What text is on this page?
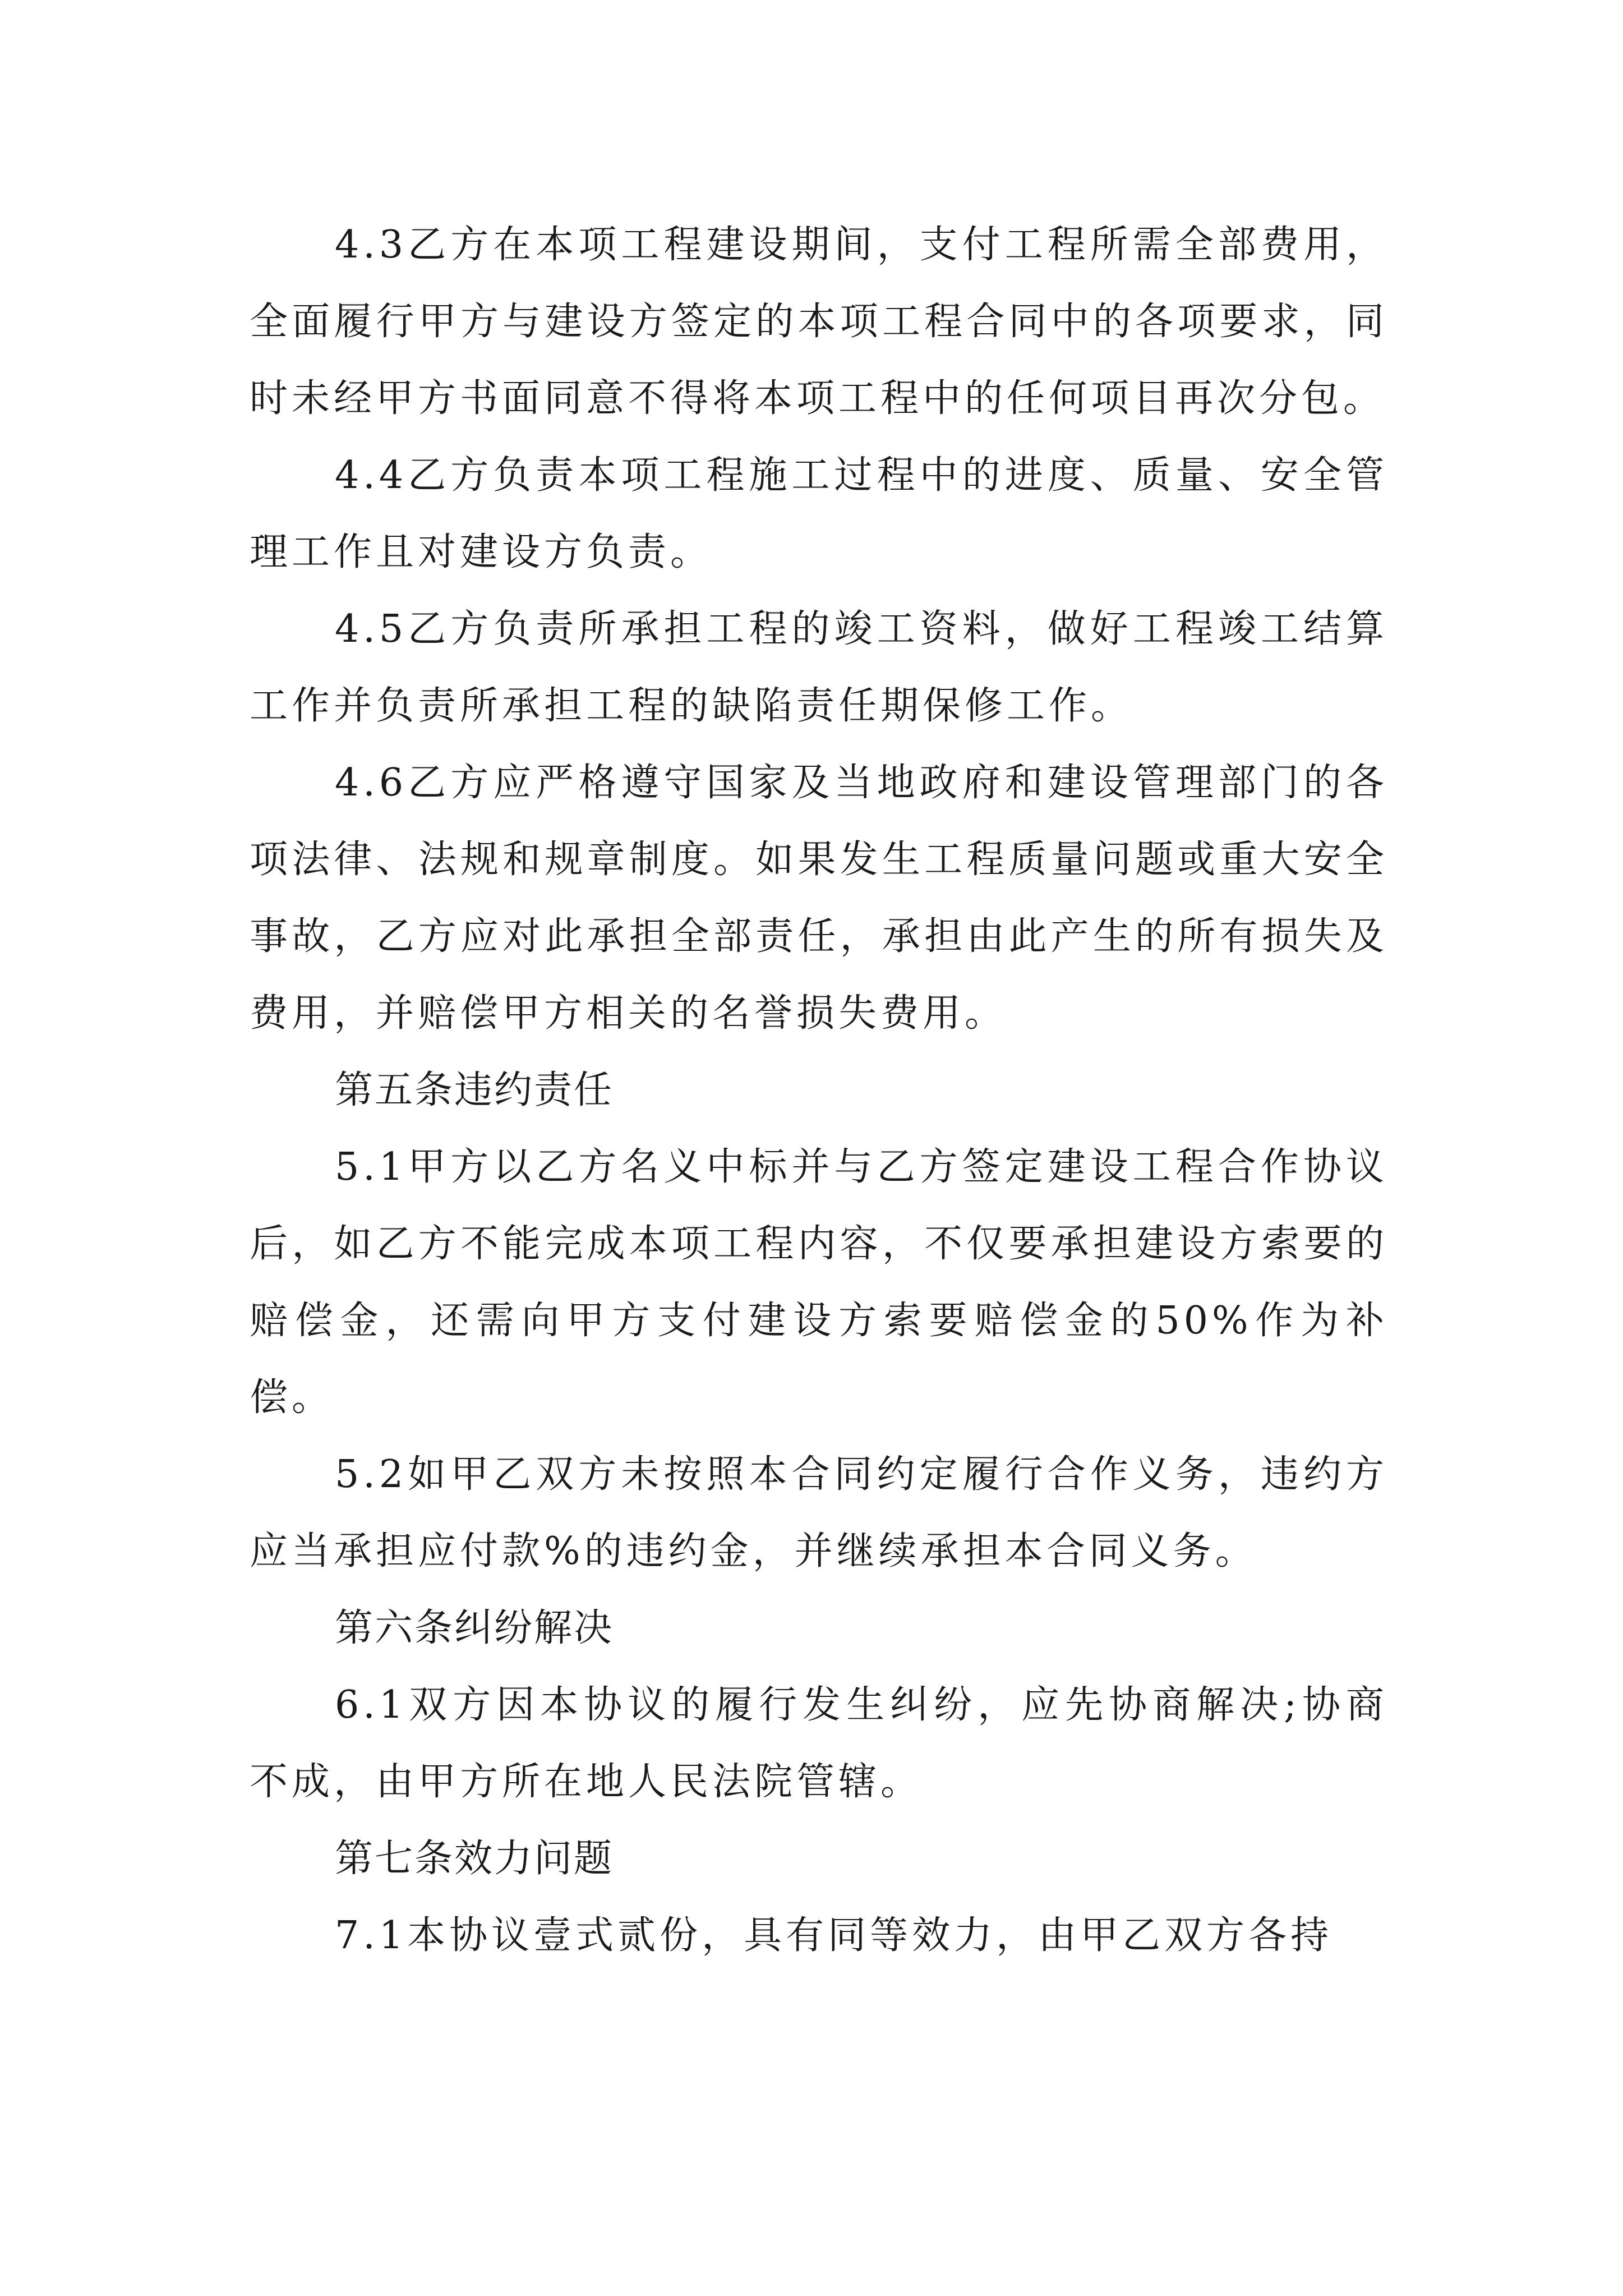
4.3乙方在本项工程建设期间，支付工程所需全部费用，全面履行甲方与建设方签定的本项工程合同中的各项要求，同时未经甲方书面同意不得将本项工程中的任何项目再次分包。

4.4乙方负责本项工程施工过程中的进度、质量、安全管理工作且对建设方负责。

4.5乙方负责所承担工程的竣工资料，做好工程竣工结算工作并负责所承担工程的缺陷责任期保修工作。

4.6乙方应严格遵守国家及当地政府和建设管理部门的各项法律、法规和规章制度。如果发生工程质量问题或重大安全事故，乙方应对此承担全部责任，承担由此产生的所有损失及费用，并赔偿甲方相关的名誉损失费用。

第五条违约责任

5.1甲方以乙方名义中标并与乙方签定建设工程合作协议后，如乙方不能完成本项工程内容，不仅要承担建设方索要的赔偿金，还需向甲方支付建设方索要赔偿金的50%作为补偿。

5.2如甲乙双方未按照本合同约定履行合作义务，违约方应当承担应付款%的违约金，并继续承担本合同义务。

第六条纠纷解决

6.1双方因本协议的履行发生纠纷，应先协商解决;协商不成，由甲方所在地人民法院管辖。

第七条效力问题

7.1本协议壹式贰份，具有同等效力，由甲乙双方各持
